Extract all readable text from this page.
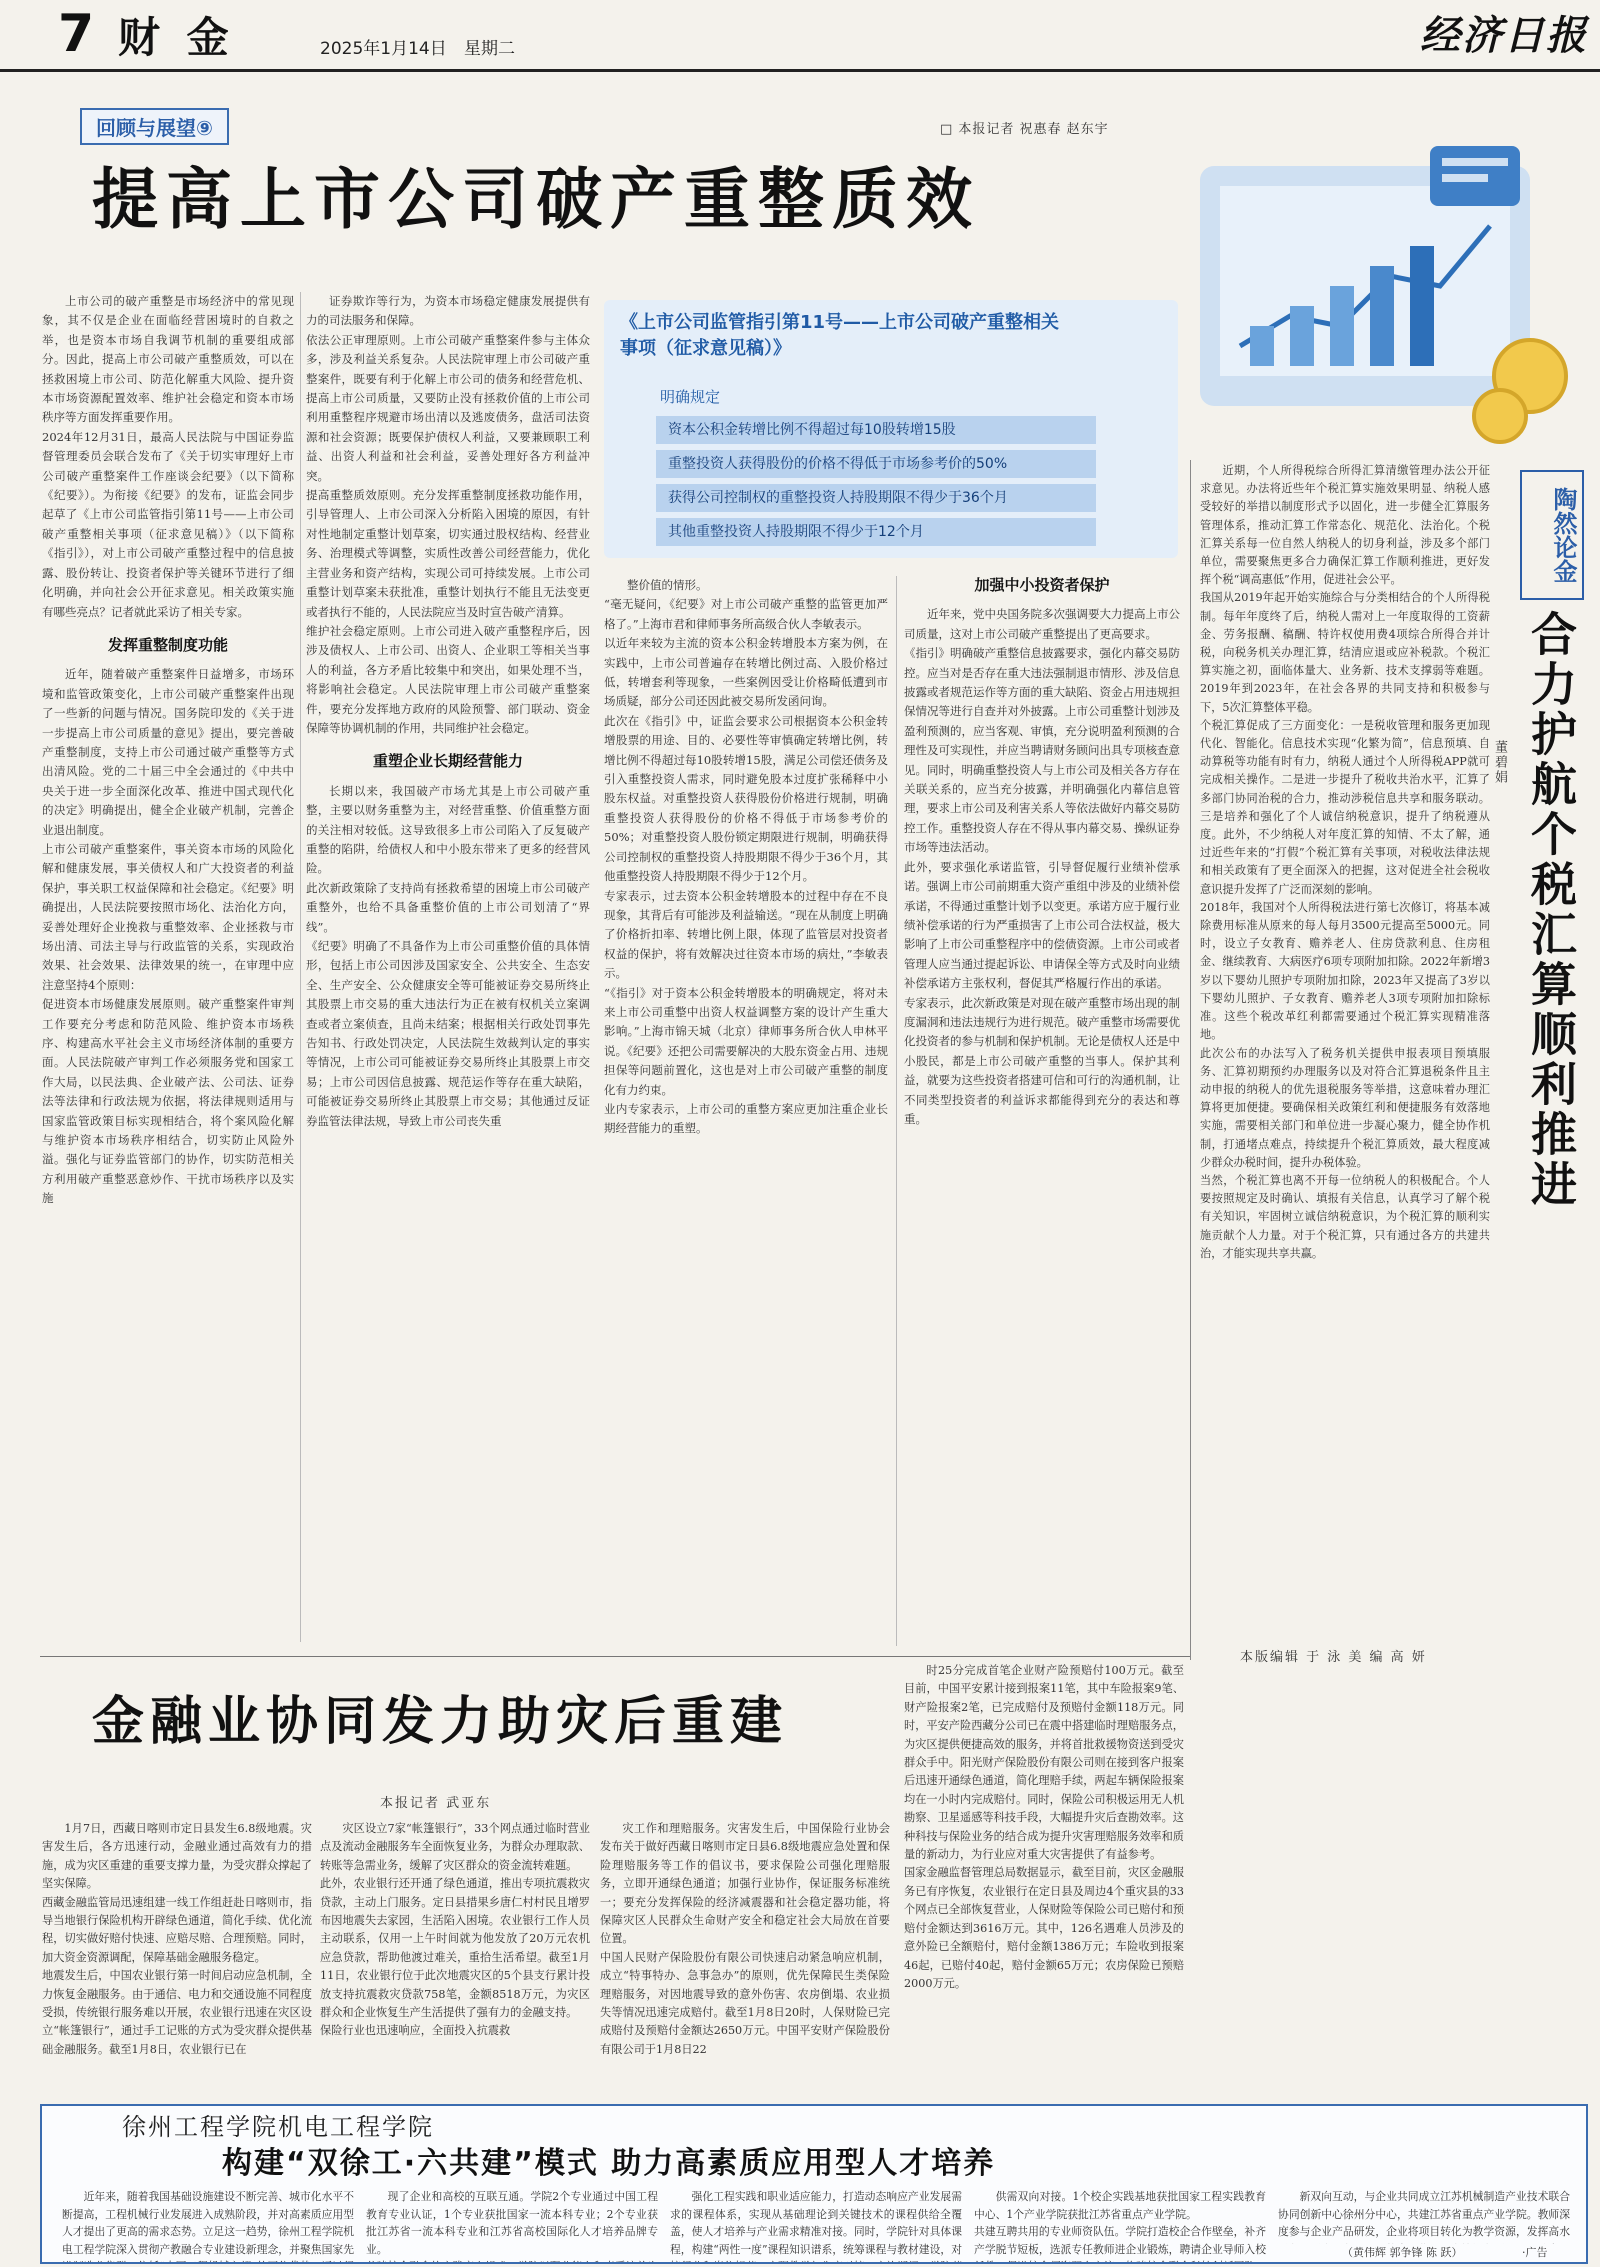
7 财 金	2025年1月14日 星期二	经济日报
回顾与展望⑨	□ 本报记者 祝惠春 赵东宇
提高上市公司破产重整质效
上市公司的破产重整是市场经济中的常见现象，其不仅是企业在面临经营困境时的自救之举，也是资本市场自我调节机制的重要组成部分。因此，提高上市公司破产重整质效，可以在拯救困境上市公司、防范化解重大风险、提升资本市场资源配置效率、维护社会稳定和资本市场秩序等方面发挥重要作用。
2024年12月31日，最高人民法院与中国证券监督管理委员会联合发布了《关于切实审理好上市公司破产重整案件工作座谈会纪要》（以下简称《纪要》）。为衔接《纪要》的发布，证监会同步起草了《上市公司监管指引第11号——上市公司破产重整相关事项（征求意见稿）》（以下简称《指引》），对上市公司破产重整过程中的信息披露、股份转让、投资者保护等关键环节进行了细化明确，并向社会公开征求意见。相关政策实施有哪些亮点？记者就此采访了相关专家。
发挥重整制度功能
近年，随着破产重整案件日益增多，市场环境和监管政策变化，上市公司破产重整案件出现了一些新的问题与情况。国务院印发的《关于进一步提高上市公司质量的意见》提出，要完善破产重整制度，支持上市公司通过破产重整等方式出清风险。党的二十届三中全会通过的《中共中央关于进一步全面深化改革、推进中国式现代化的决定》明确提出，健全企业破产机制，完善企业退出制度。
上市公司破产重整案件，事关资本市场的风险化解和健康发展，事关债权人和广大投资者的利益保护，事关职工权益保障和社会稳定。《纪要》明确提出，人民法院要按照市场化、法治化方向，妥善处理好企业挽救与重整效率、企业拯救与市场出清、司法主导与行政监管的关系，实现政治效果、社会效果、法律效果的统一，在审理中应注意坚持4个原则：
促进资本市场健康发展原则。破产重整案件审判工作要充分考虑和防范风险、维护资本市场秩序、构建高水平社会主义市场经济体制的重要方面。人民法院破产审判工作必须服务党和国家工作大局，以民法典、企业破产法、公司法、证券法等法律和行政法规为依据，将法律规则适用与国家监管政策目标实现相结合，将个案风险化解与维护资本市场秩序相结合，切实防止风险外溢。强化与证券监管部门的协作，切实防范相关方利用破产重整恶意炒作、干扰市场秩序以及实施
证券欺诈等行为，为资本市场稳定健康发展提供有力的司法服务和保障。
依法公正审理原则。上市公司破产重整案件参与主体众多，涉及利益关系复杂。人民法院审理上市公司破产重整案件，既要有利于化解上市公司的债务和经营危机、提高上市公司质量，又要防止没有拯救价值的上市公司利用重整程序规避市场出清以及逃废债务，盘活司法资源和社会资源；既要保护债权人利益，又要兼顾职工利益、出资人利益和社会利益，妥善处理好各方利益冲突。
提高重整质效原则。充分发挥重整制度拯救功能作用，引导管理人、上市公司深入分析陷入困境的原因，有针对性地制定重整计划草案，切实通过股权结构、经营业务、治理模式等调整，实质性改善公司经营能力，优化主营业务和资产结构，实现公司可持续发展。上市公司重整计划草案未获批准，重整计划执行不能且无法变更或者执行不能的，人民法院应当及时宣告破产清算。
维护社会稳定原则。上市公司进入破产重整程序后，因涉及债权人、上市公司、出资人、企业职工等相关当事人的利益，各方矛盾比较集中和突出，如果处理不当，将影响社会稳定。人民法院审理上市公司破产重整案件，要充分发挥地方政府的风险预警、部门联动、资金保障等协调机制的作用，共同维护社会稳定。
重塑企业长期经营能力
长期以来，我国破产市场尤其是上市公司破产重整，主要以财务重整为主，对经营重整、价值重整方面的关注相对较低。这导致很多上市公司陷入了反复破产重整的陷阱，给债权人和中小股东带来了更多的经营风险。
此次新政策除了支持尚有拯救希望的困境上市公司破产重整外，也给不具备重整价值的上市公司划清了“界线”。
《纪要》明确了不具备作为上市公司重整价值的具体情形，包括上市公司因涉及国家安全、公共安全、生态安全、生产安全、公众健康安全等可能被证券交易所终止其股票上市交易的重大违法行为正在被有权机关立案调查或者立案侦查，且尚未结案；根据相关行政处罚事先告知书、行政处罚决定，人民法院生效裁判认定的事实等情况，上市公司可能被证券交易所终止其股票上市交易；上市公司因信息披露、规范运作等存在重大缺陷，可能被证券交易所终止其股票上市交易；其他通过反证券监管法律法规，导致上市公司丧失重
《上市公司监管指引第11号——上市公司破产重整相关事项（征求意见稿）》
明确规定
资本公积金转增比例不得超过每10股转增15股
重整投资人获得股份的价格不得低于市场参考价的50%
获得公司控制权的重整投资人持股期限不得少于36个月
其他重整投资人持股期限不得少于12个月
整价值的情形。
“毫无疑问，《纪要》对上市公司破产重整的监管更加严格了。”上海市君和律师事务所高级合伙人李敏表示。
以近年来较为主流的资本公积金转增股本方案为例，在实践中，上市公司普遍存在转增比例过高、入股价格过低，转增套利等现象，一些案例因受让价格畸低遭到市场质疑，部分公司还因此被交易所发函问询。
此次在《指引》中，证监会要求公司根据资本公积金转增股票的用途、目的、必要性等审慎确定转增比例，转增比例不得超过每10股转增15股，满足公司偿还债务及引入重整投资人需求，同时避免股本过度扩张稀释中小股东权益。对重整投资人获得股份价格进行规制，明确重整投资人获得股份的价格不得低于市场参考价的50%；对重整投资人股份锁定期限进行规制，明确获得公司控制权的重整投资人持股期限不得少于36个月，其他重整投资人持股期限不得少于12个月。
专家表示，过去资本公积金转增股本的过程中存在不良现象，其背后有可能涉及利益输送。“现在从制度上明确了价格折扣率、转增比例上限，体现了监管层对投资者权益的保护，将有效解决过往资本市场的病灶，”李敏表示。
“《指引》对于资本公积金转增股本的明确规定，将对未来上市公司重整中出资人权益调整方案的设计产生重大影响。”上海市锦天城（北京）律师事务所合伙人申林平说。《纪要》还把公司需要解决的大股东资金占用、违规担保等问题前置化，这也是对上市公司破产重整的制度化有力约束。
业内专家表示，上市公司的重整方案应更加注重企业长期经营能力的重塑。
加强中小投资者保护
近年来，党中央国务院多次强调要大力提高上市公司质量，这对上市公司破产重整提出了更高要求。
《指引》明确破产重整信息披露要求，强化内幕交易防控。应当对是否存在重大违法强制退市情形、涉及信息披露或者规范运作等方面的重大缺陷、资金占用违规担保情况等进行自查并对外披露。上市公司重整计划涉及盈利预测的，应当客观、审慎，充分说明盈利预测的合理性及可实现性，并应当聘请财务顾问出具专项核查意见。同时，明确重整投资人与上市公司及相关各方存在关联关系的，应当充分披露，并明确强化内幕信息管理，要求上市公司及利害关系人等依法做好内幕交易防控工作。重整投资人存在不得从事内幕交易、操纵证券市场等违法活动。
此外，要求强化承诺监管，引导督促履行业绩补偿承诺。强调上市公司前期重大资产重组中涉及的业绩补偿承诺，不得通过重整计划予以变更。承诺方应于履行业绩补偿承诺的行为严重损害了上市公司合法权益，极大影响了上市公司重整程序中的偿债资源。上市公司或者管理人应当通过提起诉讼、申请保全等方式及时向业绩补偿承诺方主张权利，督促其严格履行作出的承诺。
专家表示，此次新政策是对现在破产重整市场出现的制度漏洞和违法违规行为进行规范。破产重整市场需要优化投资者的参与机制和保护机制。无论是债权人还是中小股民，都是上市公司破产重整的当事人。保护其利益，就要为这些投资者搭建可信和可行的沟通机制，让不同类型投资者的利益诉求都能得到充分的表达和尊重。
陶然论金
合力护航个税汇算顺利推进
董碧娟
近期，个人所得税综合所得汇算清缴管理办法公开征求意见。办法将近些年个税汇算实施效果明显、纳税人感受较好的举措以制度形式予以固化，进一步健全汇算服务管理体系，推动汇算工作常态化、规范化、法治化。个税汇算关系每一位自然人纳税人的切身利益，涉及多个部门单位，需要聚焦更多合力确保汇算工作顺利推进，更好发挥个税“调高惠低”作用，促进社会公平。
我国从2019年起开始实施综合与分类相结合的个人所得税制。每年年度终了后，纳税人需对上一年度取得的工资薪金、劳务报酬、稿酬、特许权使用费4项综合所得合并计税，向税务机关办理汇算，结清应退或应补税款。个税汇算实施之初，面临体量大、业务新、技术支撑弱等难题。2019年到2023年，在社会各界的共同支持和积极参与下，5次汇算整体平稳。
个税汇算促成了三方面变化：一是税收管理和服务更加现代化、智能化。信息技术实现“化繁为简”，信息预填、自动算税等功能有时有力，纳税人通过个人所得税APP就可完成相关操作。二是进一步提升了税收共治水平，汇算了多部门协同治税的合力，推动涉税信息共享和服务联动。三是培养和强化了个人诚信纳税意识，提升了纳税遵从度。此外，不少纳税人对年度汇算的知情、不太了解，通过近些年来的“打假”个税汇算有关事项，对税收法律法规和相关政策有了更全面深入的把握，这对促进全社会税收意识提升发挥了广泛而深刻的影响。
2018年，我国对个人所得税法进行第七次修订，将基本减除费用标准从原来的每人每月3500元提高至5000元。同时，设立子女教育、赡养老人、住房贷款利息、住房租金、继续教育、大病医疗6项专项附加扣除。2022年新增3岁以下婴幼儿照护专项附加扣除，2023年又提高了3岁以下婴幼儿照护、子女教育、赡养老人3项专项附加扣除标准。这些个税改革红利都需要通过个税汇算实现精准落地。
此次公布的办法写入了税务机关提供申报表项目预填服务、汇算初期预约办理服务以及对符合汇算退税条件且主动申报的纳税人的优先退税服务等举措，这意味着办理汇算将更加便捷。要确保相关政策红利和便捷服务有效落地实施，需要相关部门和单位进一步凝心聚力，健全协作机制，打通堵点难点，持续提升个税汇算质效，最大程度减少群众办税时间，提升办税体验。
当然，个税汇算也离不开每一位纳税人的积极配合。个人要按照规定及时确认、填报有关信息，认真学习了解个税有关知识，牢固树立诚信纳税意识，为个税汇算的顺利实施贡献个人力量。对于个税汇算，只有通过各方的共建共治，才能实现共享共赢。
本版编辑 于 泳 美 编 高 妍
金融业协同发力助灾后重建
本报记者 武亚东
1月7日，西藏日喀则市定日县发生6.8级地震。灾害发生后，各方迅速行动，金融业通过高效有力的措施，成为灾区重建的重要支撑力量，为受灾群众撑起了坚实保障。
西藏金融监管局迅速组建一线工作组赶赴日喀则市，指导当地银行保险机构开辟绿色通道，简化手续、优化流程，切实做好赔付快速、应赔尽赔、合理预赔。同时，加大资金资源调配，保障基础金融服务稳定。
地震发生后，中国农业银行第一时间启动应急机制，全力恢复金融服务。由于通信、电力和交通设施不同程度受损，传统银行服务难以开展，农业银行迅速在灾区设立“帐篷银行”，通过手工记账的方式为受灾群众提供基础金融服务。截至1月8日，农业银行已在
灾区设立7家“帐篷银行”，33个网点通过临时营业点及流动金融服务车全面恢复业务，为群众办理取款、转账等急需业务，缓解了灾区群众的资金流转难题。
此外，农业银行还开通了绿色通道，推出专项抗震救灾贷款，主动上门服务。定日县措果乡唐仁村村民且增罗布因地震失去家园，生活陷入困境。农业银行工作人员主动联系，仅用一上午时间就为他发放了20万元农机应急贷款，帮助他渡过难关，重拾生活希望。截至1月11日，农业银行位于此次地震灾区的5个县支行累计投放支持抗震救灾贷款758笔，金额8518万元，为灾区群众和企业恢复生产生活提供了强有力的金融支持。
保险行业也迅速响应，全面投入抗震救
灾工作和理赔服务。灾害发生后，中国保险行业协会发布关于做好西藏日喀则市定日县6.8级地震应急处置和保险理赔服务等工作的倡议书，要求保险公司强化理赔服务，立即开通绿色通道；加强行业协作，保证服务标准统一；要充分发挥保险的经济减震器和社会稳定器功能，将保障灾区人民群众生命财产安全和稳定社会大局放在首要位置。
中国人民财产保险股份有限公司快速启动紧急响应机制，成立“特事特办、急事急办”的原则，优先保障民生类保险理赔服务，对因地震导致的意外伤害、农房倒塌、农业损失等情况迅速完成赔付。截至1月8日20时，人保财险已完成赔付及预赔付金额达2650万元。中国平安财产保险股份有限公司于1月8日22
时25分完成首笔企业财产险预赔付100万元。截至目前，中国平安累计接到报案11笔，其中车险报案9笔、财产险报案2笔，已完成赔付及预赔付金额118万元。同时，平安产险西藏分公司已在震中搭建临时理赔服务点，为灾区提供便捷高效的服务，并将首批救援物资送到受灾群众手中。阳光财产保险股份有限公司则在接到客户报案后迅速开通绿色通道，简化理赔手续，两起车辆保险报案均在一小时内完成赔付。同时，保险公司积极运用无人机勘察、卫星遥感等科技手段，大幅提升灾后查勘效率。这种科技与保险业务的结合成为提升灾害理赔服务效率和质量的新动力，为行业应对重大灾害提供了有益参考。
国家金融监督管理总局数据显示，截至目前，灾区金融服务已有序恢复，农业银行在定日县及周边4个重灾县的33个网点已全部恢复营业，人保财险等保险公司已赔付和预赔付金额达到3616万元。其中，126名遇难人员涉及的意外险已全额赔付，赔付金额1386万元；车险收到报案46起，已赔付40起，赔付金额65万元；农房保险已预赔2000万元。
徐州工程学院机电工程学院
构建“双徐工·六共建”模式 助力高素质应用型人才培养
近年来，随着我国基础设施建设不断完善、城市化水平不断提高，工程机械行业发展进入成熟阶段，并对高素质应用型人才提出了更高的需求态势。立足这一趋势，徐州工程学院机电工程学院深入贯彻产教融合专业建设新理念，并聚焦国家先

现了企业和高校的互联互通。学院2个专业通过中国工程教育专业认证，1个专业获批国家一流本科专业；2个专业获批江苏省一流本科专业和江苏省高校国际化人才培养品牌专业。

强化工程实践和职业适应能力，打造动态响应产业发展需求的课程体系，实现从基础理论到关键技术的课程供给全覆盖，使人才培养与产业需求精准对接。同时，学院针对具体课程，构建“两性一度”课程知识谱系，统筹课程与教材建设，对

供需双向对接。1个校企实践基地获批国家工程实践教育中心、1个产业学院获批江苏省重点产业学院。
共建互聘共用的专业师资队伍。学院打造校企合作壁垒，补齐产学脱节短板，选派专任教师进企业锻炼，聘请企业导师入校

新双向互动，与企业共同成立江苏机械制造产业技术联合协同创新中心徐州分中心，共建江苏省重点产业学院。教师深度参与企业产品研发，企业将项目转化为教学资源，发挥高水

（黄伟辉 郭争锋 陈 跃）	·广告
